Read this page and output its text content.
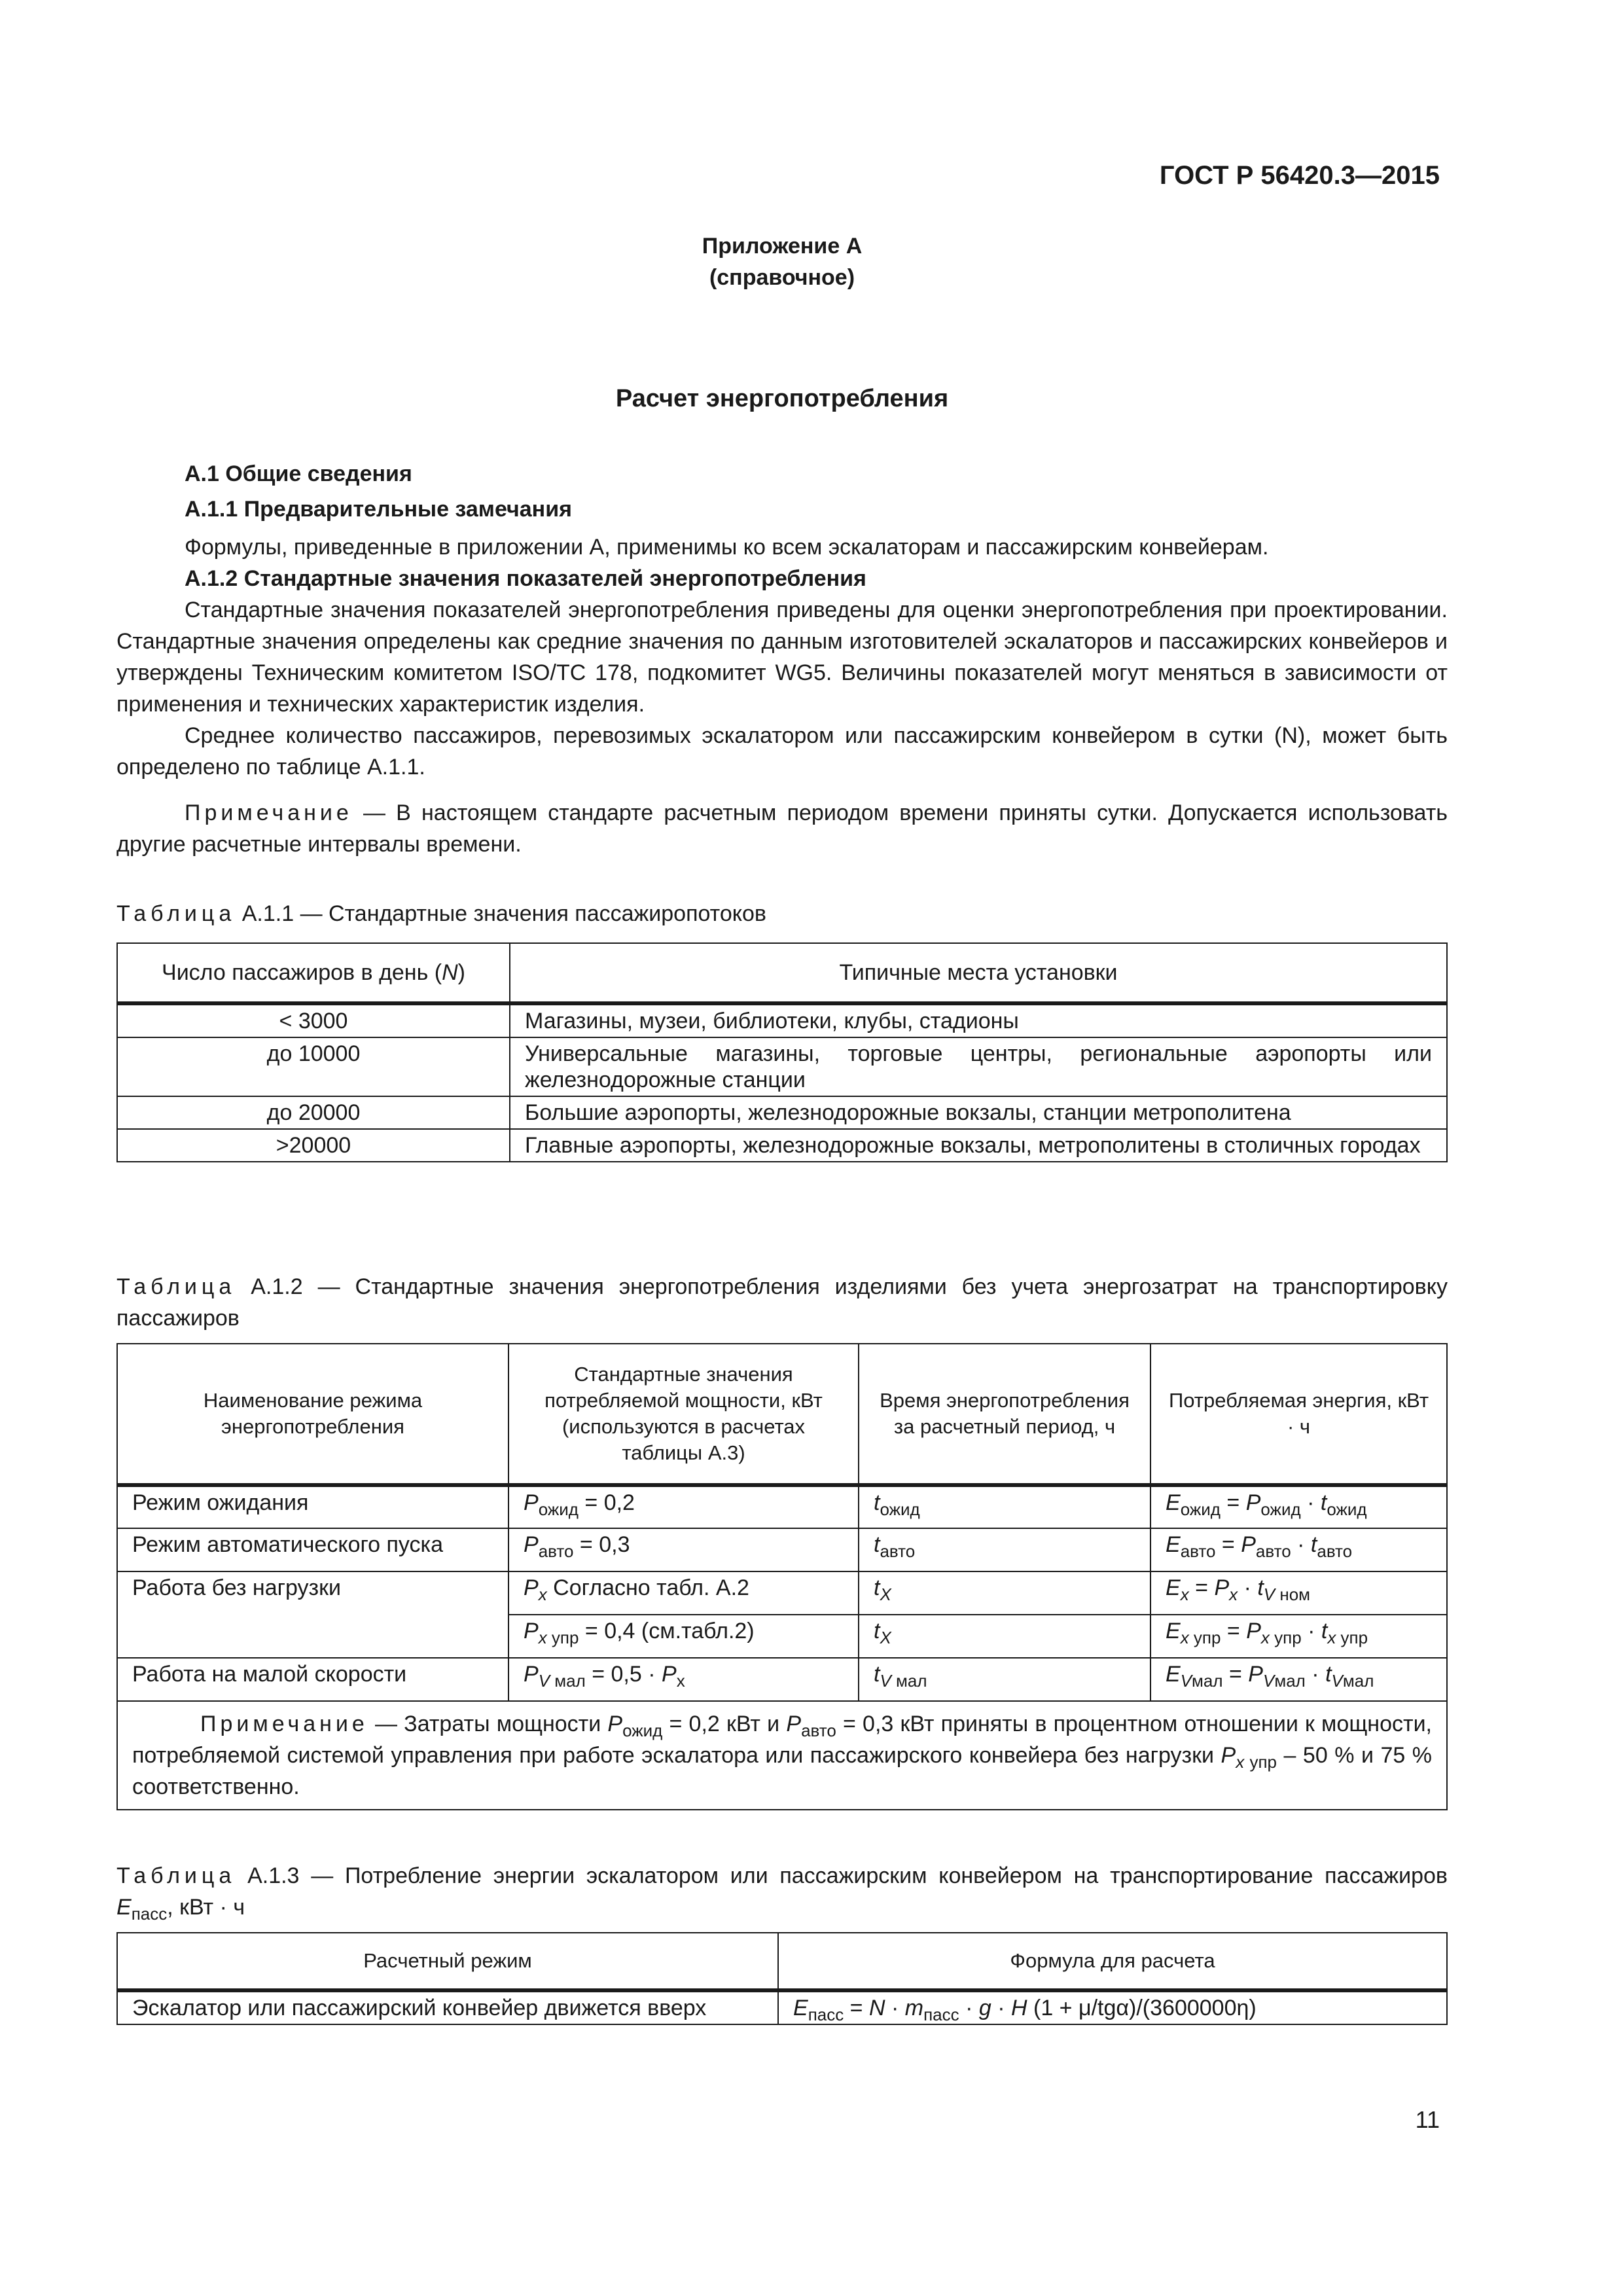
ГОСТ Р 56420.3—2015
Приложение А
(справочное)
Расчет энергопотребления

А.1 Общие сведения

А.1.1 Предварительные замечания

Формулы, приведенные в приложении А, применимы ко всем эскалаторам и пассажирским конвейерам.

А.1.2 Стандартные значения показателей энергопотребления

Стандартные значения показателей энергопотребления приведены для оценки энергопотребления при проектировании. Стандартные значения определены как средние значения по данным изготовителей эскалаторов и пассажирских конвейеров и утверждены Техническим комитетом ISO/TC 178, подкомитет WG5. Величины показателей могут меняться в зависимости от применения и технических характеристик изделия.

Среднее количество пассажиров, перевозимых эскалатором или пассажирским конвейером в сутки (N), может быть определено по таблице А.1.1.

Примечание — В настоящем стандарте расчетным периодом времени приняты сутки. Допускается использовать другие расчетные интервалы времени.

Таблица А.1.1 — Стандартные значения пассажиропотоков
Число пассажиров в день (N)	Типичные места установки
< 3000	Магазины, музеи, библиотеки, клубы, стадионы
до 10000	Универсальные магазины, торговые центры, региональные аэропорты или железнодорожные станции
до 20000	Большие аэропорты, железнодорожные вокзалы, станции метрополитена
>20000	Главные аэропорты, железнодорожные вокзалы, метрополитены в столичных городах
Таблица А.1.2 — Стандартные значения энергопотребления изделиями без учета энергозатрат на транспортировку пассажиров
Наименование режима энергопотребления	Стандартные значения потребляемой мощности, кВт (используются в расчетах таблицы А.3)	Время энергопотребления за расчетный период, ч	Потребляемая энергия, кВт · ч
Режим ожидания	$P_{ожид} = 0,2$	$t_{ожид}$	$E_{ожид} = P_{ожид} \cdot t_{ожид}$
Режим автоматического пуска	$P_{авто} = 0,3$	$t_{авто}$	$E_{авто} = P_{авто} \cdot t_{авто}$
Работа без нагрузки	$P_x$ Согласно табл. А.2	$t_X$	$E_x = P_x \cdot t_{V ном}$
	$P_{x упр} = 0,4$ (см.табл.2)	$t_X$	$E_{x упр} = P_{x упр} \cdot t_{x упр}$
Работа на малой скорости	$P_{V мал} = 0,5 \cdot P_x$	$t_{V мал}$	$E_{Vмал} = P_{Vмал} \cdot t_{Vмал}$
Примечание — Затраты мощности $P_{ожид} = 0,2$ кВт и $P_{авто} = 0,3$ кВт приняты в процентном отношении к мощности, потребляемой системой управления при работе эскалатора или пассажирского конвейера без нагрузки $P_{x упр} - 50$ % и 75 % соответственно.			
Таблица А.1.3 — Потребление энергии эскалатором или пассажирским конвейером на транспортирование пассажиров $E_{пасс}$, кВт · ч
Расчетный режим	Формула для расчета
Эскалатор или пассажирский конвейер движется вверх	$E_{пасс} = N \cdot m_{пасс} \cdot g \cdot H$ (1 + μ/tgα)/(3600000η)
11
